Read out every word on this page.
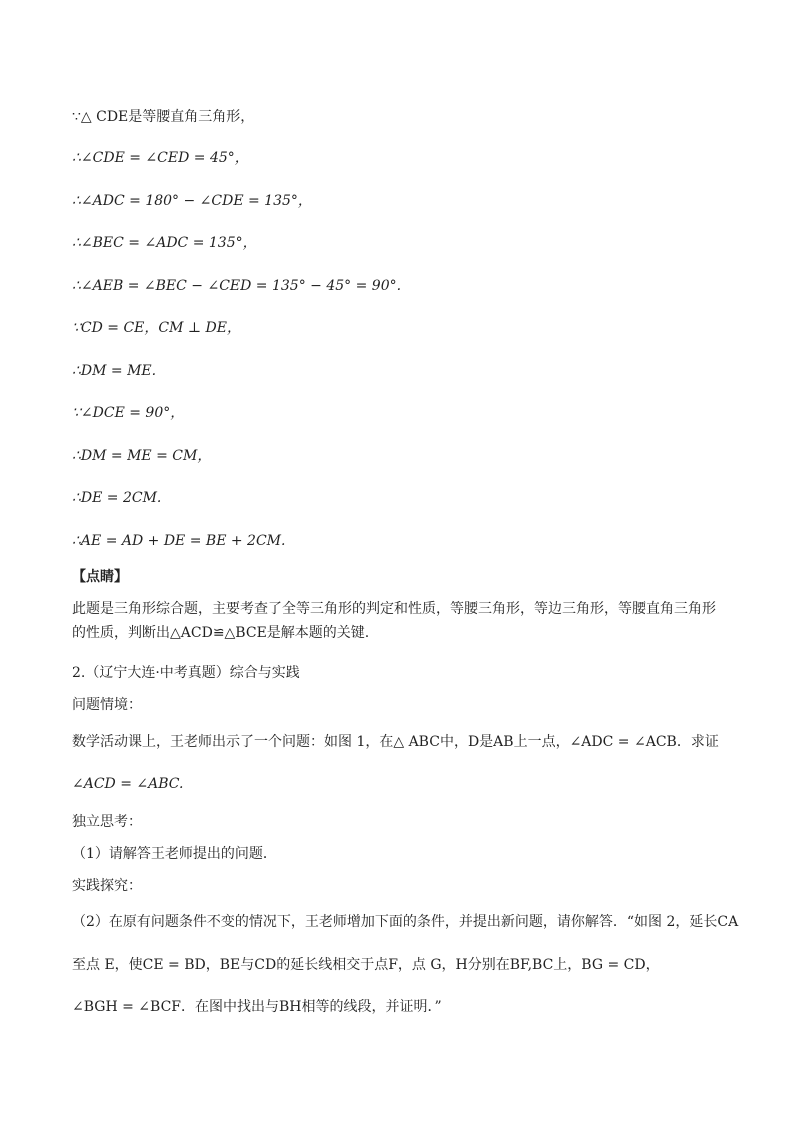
∵△ CDE是等腰直角三角形，
∴∠CDE = ∠CED = 45°，
∴∠ADC = 180° − ∠CDE = 135°，
∴∠BEC = ∠ADC = 135°，
∴∠AEB = ∠BEC − ∠CED = 135° − 45° = 90°.
∵CD = CE，CM ⊥ DE，
∴DM = ME.
∵∠DCE = 90°，
∴DM = ME = CM，
∴DE = 2CM.
∴AE = AD + DE = BE + 2CM.
【点睛】
此题是三角形综合题，主要考查了全等三角形的判定和性质，等腰三角形，等边三角形，等腰直角三角形的性质，判断出△ACD≌△BCE是解本题的关键.
2.（辽宁大连·中考真题）综合与实践
问题情境：
数学活动课上，王老师出示了一个问题：如图 1，在△ ABC中，D是AB上一点，∠ADC = ∠ACB．求证
∠ACD = ∠ABC.
独立思考：
（1）请解答王老师提出的问题．
实践探究：
（2）在原有问题条件不变的情况下，王老师增加下面的条件，并提出新问题，请你解答．“如图 2，延长CA
至点 E，使CE = BD，BE与CD的延长线相交于点F，点 G，H分别在BF,BC上，BG = CD，
∠BGH = ∠BCF．在图中找出与BH相等的线段，并证明．”
